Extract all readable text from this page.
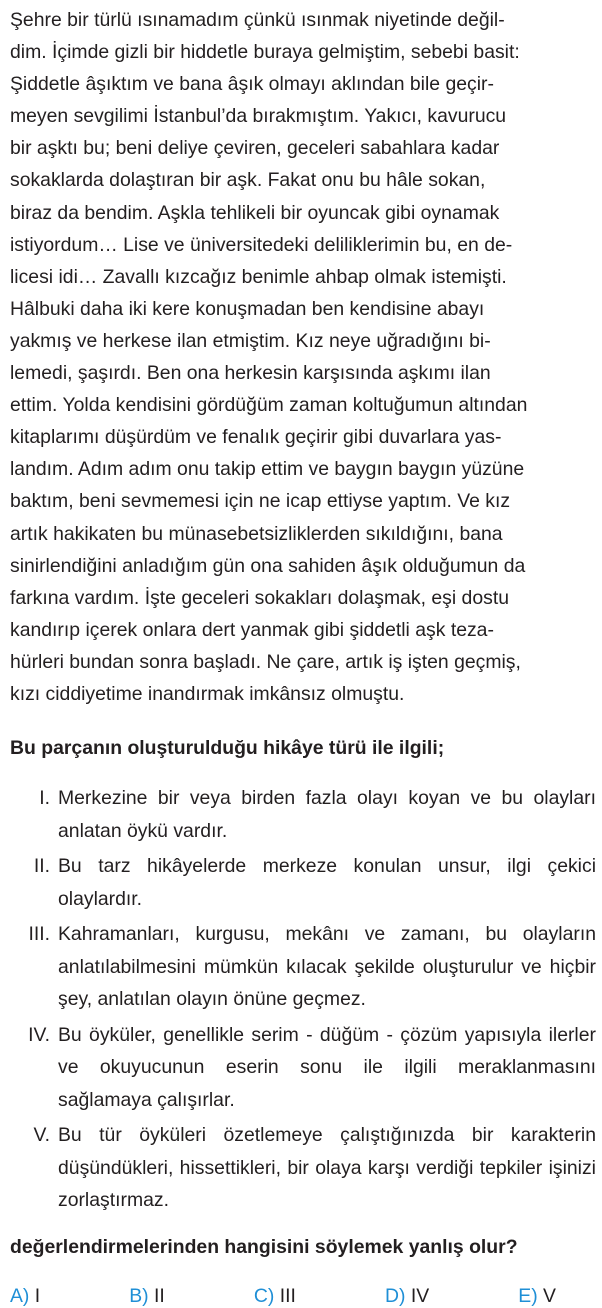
Şehre bir türlü ısınamadım çünkü ısınmak niyetinde değil-
dim. İçimde gizli bir hiddetle buraya gelmiştim, sebebi basit:
Şiddetle âşıktım ve bana âşık olmayı aklından bile geçir-
meyen sevgilimi İstanbul’da bırakmıştım. Yakıcı, kavurucu
bir aşktı bu; beni deliye çeviren, geceleri sabahlara kadar
sokaklarda dolaştıran bir aşk. Fakat onu bu hâle sokan,
biraz da bendim. Aşkla tehlikeli bir oyuncak gibi oynamak
istiyordum… Lise ve üniversitedeki deliliklerimin bu, en de-
licesi idi… Zavallı kızcağız benimle ahbap olmak istemişti.
Hâlbuki daha iki kere konuşmadan ben kendisine abayı
yakmış ve herkese ilan etmiştim. Kız neye uğradığını bi-
lemedi, şaşırdı. Ben ona herkesin karşısında aşkımı ilan
ettim. Yolda kendisini gördüğüm zaman koltuğumun altından
kitaplarımı düşürdüm ve fenalık geçirir gibi duvarlara yas-
landım. Adım adım onu takip ettim ve baygın baygın yüzüne
baktım, beni sevmemesi için ne icap ettiyse yaptım. Ve kız
artık hakikaten bu münasebetsizliklerden sıkıldığını, bana
sinirlendiğini anladığım gün ona sahiden âşık olduğumun da
farkına vardım. İşte geceleri sokakları dolaşmak, eşi dostu
kandırıp içerek onlara dert yanmak gibi şiddetli aşk teza-
hürleri bundan sonra başladı. Ne çare, artık iş işten geçmiş,
kızı ciddiyetime inandırmak imkânsız olmuştu.
Bu parçanın oluşturulduğu hikâye türü ile ilgili;
I. Merkezine bir veya birden fazla olayı koyan ve bu olayları anlatan öykü vardır.
II. Bu tarz hikâyelerde merkeze konulan unsur, ilgi çekici olaylardır.
III. Kahramanları, kurgusu, mekânı ve zamanı, bu olayların anlatılabilmesini mümkün kılacak şekilde oluşturulur ve hiçbir şey, anlatılan olayın önüne geçmez.
IV. Bu öyküler, genellikle serim - düğüm - çözüm yapısıyla ilerler ve okuyucunun eserin sonu ile ilgili meraklanmasını sağlamaya çalışırlar.
V. Bu tür öyküleri özetlemeye çalıştığınızda bir karakterin düşündükleri, hissettikleri, bir olaya karşı verdiği tepkiler işinizi zorlaştırmaz.
değerlendirmelerinden hangisini söylemek yanlış olur?
A) I	B) II	C) III	D) IV	E) V
